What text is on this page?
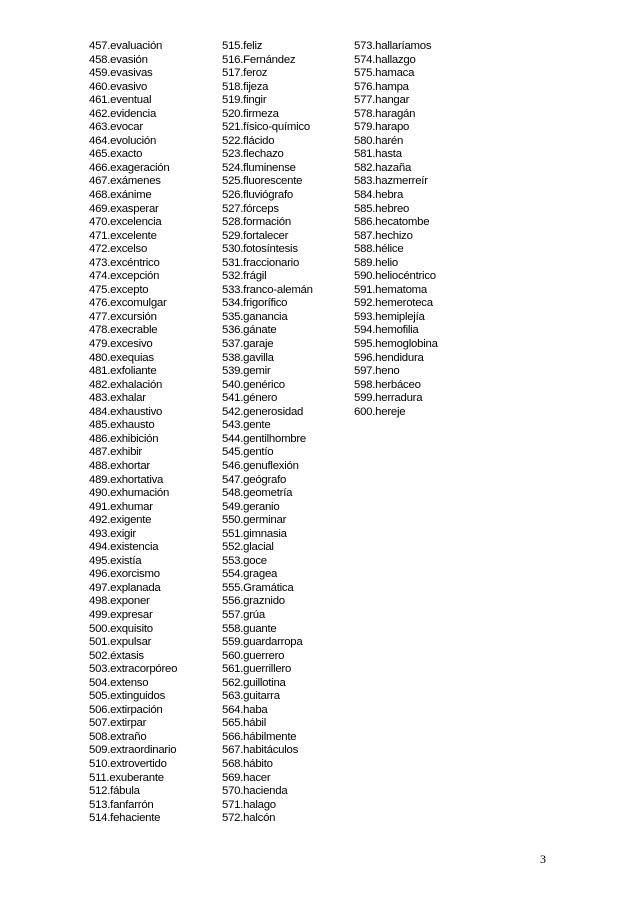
457.evaluación
458.evasión
459.evasivas
460.evasivo
461.eventual
462.evidencia
463.evocar
464.evolución
465.exacto
466.exageración
467.exámenes
468.exánime
469.exasperar
470.excelencia
471.excelente
472.excelso
473.excéntrico
474.excepción
475.excepto
476.excomulgar
477.excursión
478.execrable
479.excesivo
480.exequias
481.exfoliante
482.exhalación
483.exhalar
484.exhaustivo
485.exhausto
486.exhibición
487.exhibir
488.exhortar
489.exhortativa
490.exhumación
491.exhumar
492.exigente
493.exigir
494.existencia
495.existía
496.exorcismo
497.explanada
498.exponer
499.expresar
500.exquisito
501.expulsar
502.éxtasis
503.extracorpóreo
504.extenso
505.extinguidos
506.extirpación
507.extirpar
508.extraño
509.extraordinario
510.extrovertido
511.exuberante
512.fábula
513.fanfarrón
514.fehaciente
515.feliz
516.Fernández
517.feroz
518.fijeza
519.fingir
520.firmeza
521.físico-químico
522.flácido
523.flechazo
524.fluminense
525.fluorescente
526.fluviógrafo
527.fórceps
528.formación
529.fortalecer
530.fotosíntesis
531.fraccionario
532.frágil
533.franco-alemán
534.frigorífico
535.ganancia
536.gánate
537.garaje
538.gavilla
539.gemir
540.genérico
541.género
542.generosidad
543.gente
544.gentilhombre
545.gentío
546.genuflexión
547.geógrafo
548.geometría
549.geranio
550.germinar
551.gimnasia
552.glacial
553.goce
554.gragea
555.Gramática
556.graznido
557.grúa
558.guante
559.guardarropa
560.guerrero
561.guerrillero
562.guillotina
563.guitarra
564.haba
565.hábil
566.hábilmente
567.habitáculos
568.hábito
569.hacer
570.hacienda
571.halago
572.halcón
573.hallaríamos
574.hallazgo
575.hamaca
576.hampa
577.hangar
578.haragán
579.harapo
580.harén
581.hasta
582.hazaña
583.hazmerreír
584.hebra
585.hebreo
586.hecatombe
587.hechizo
588.hélice
589.helio
590.heliocéntrico
591.hematoma
592.hemeroteca
593.hemiplejía
594.hemofilia
595.hemoglobina
596.hendidura
597.heno
598.herbáceo
599.herradura
600.hereje
3
